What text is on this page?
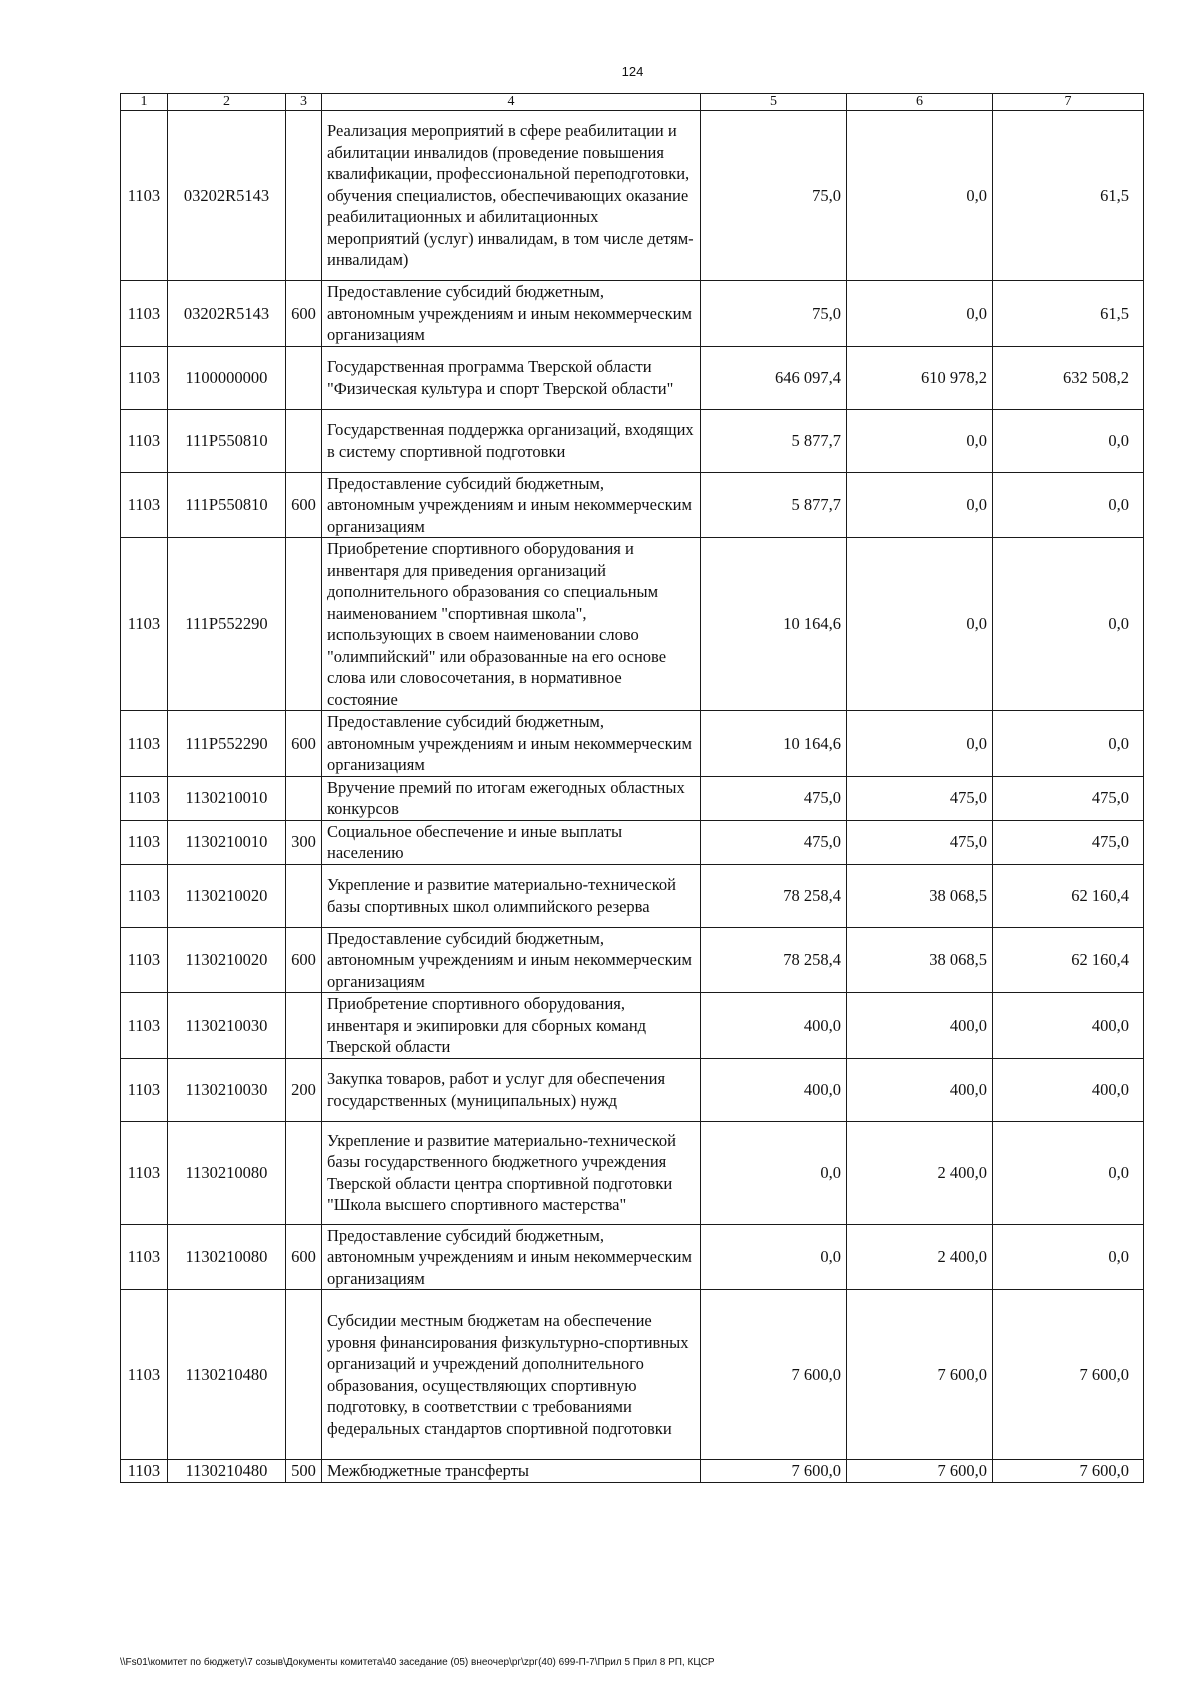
124
1	2	3	4	5	6	7
1103	03202R5143		Реализация мероприятий в сфере реабилитации и абилитации инвалидов (проведение повышения квалификации, профессиональной переподготовки, обучения специалистов, обеспечивающих оказание реабилитационных и абилитационных мероприятий (услуг) инвалидам, в том числе детям-инвалидам)	75,0	0,0	61,5
1103	03202R5143	600	Предоставление субсидий бюджетным, автономным учреждениям и иным некоммерческим организациям	75,0	0,0	61,5
1103	1100000000		Государственная программа Тверской области "Физическая культура и спорт Тверской области"	646 097,4	610 978,2	632 508,2
1103	111Р550810		Государственная поддержка организаций, входящих в систему спортивной подготовки	5 877,7	0,0	0,0
1103	111Р550810	600	Предоставление субсидий бюджетным, автономным учреждениям и иным некоммерческим организациям	5 877,7	0,0	0,0
1103	111Р552290		Приобретение спортивного оборудования и инвентаря для приведения организаций дополнительного образования со специальным наименованием "спортивная школа", использующих в своем наименовании слово "олимпийский" или образованные на его основе слова или словосочетания, в нормативное состояние	10 164,6	0,0	0,0
1103	111Р552290	600	Предоставление субсидий бюджетным, автономным учреждениям и иным некоммерческим организациям	10 164,6	0,0	0,0
1103	1130210010		Вручение премий по итогам ежегодных областных конкурсов	475,0	475,0	475,0
1103	1130210010	300	Социальное обеспечение и иные выплаты населению	475,0	475,0	475,0
1103	1130210020		Укрепление и развитие материально-технической базы спортивных школ олимпийского резерва	78 258,4	38 068,5	62 160,4
1103	1130210020	600	Предоставление субсидий бюджетным, автономным учреждениям и иным некоммерческим организациям	78 258,4	38 068,5	62 160,4
1103	1130210030		Приобретение спортивного оборудования, инвентаря и экипировки для сборных команд Тверской области	400,0	400,0	400,0
1103	1130210030	200	Закупка товаров, работ и услуг для обеспечения государственных (муниципальных) нужд	400,0	400,0	400,0
1103	1130210080		Укрепление и развитие материально-технической базы государственного бюджетного учреждения Тверской области центра спортивной подготовки "Школа высшего спортивного мастерства"	0,0	2 400,0	0,0
1103	1130210080	600	Предоставление субсидий бюджетным, автономным учреждениям и иным некоммерческим организациям	0,0	2 400,0	0,0
1103	1130210480		Субсидии местным бюджетам на обеспечение уровня финансирования физкультурно-спортивных организаций и учреждений дополнительного образования, осуществляющих спортивную подготовку, в соответствии с требованиями федеральных стандартов спортивной подготовки	7 600,0	7 600,0	7 600,0
1103	1130210480	500	Межбюджетные трансферты	7 600,0	7 600,0	7 600,0
\\Fs01\комитет по бюджету\7 созыв\Документы комитета\40 заседание (05) внеочер\рг\zрг(40) 699-П-7\Прил 5 Прил 8 РП, КЦСР
